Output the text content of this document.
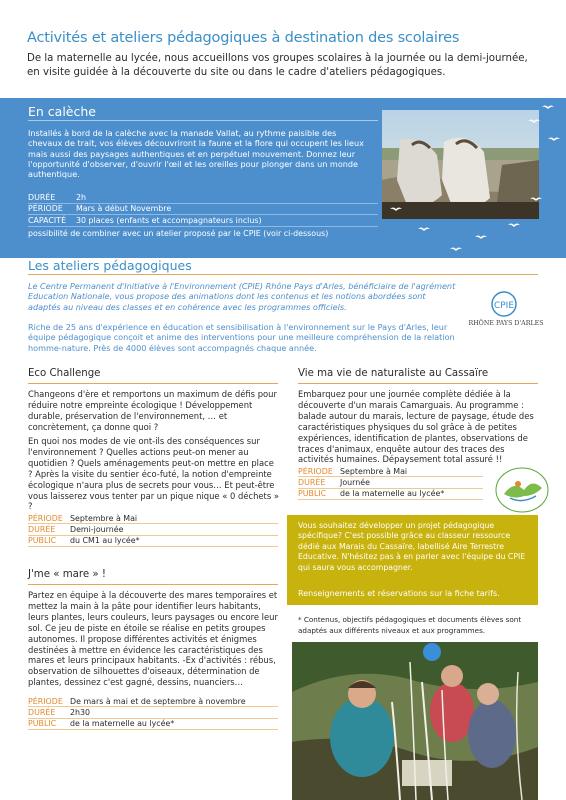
Activités et ateliers pédagogiques à destination des scolaires
De la maternelle au lycée, nous accueillons vos groupes scolaires à la journée ou la demi-journée,
en visite guidée à la découverte du site ou dans le cadre d'ateliers pédagogiques.
En calèche
Installés à bord de la calèche avec la manade Vallat, au rythme paisible des chevaux de trait, vos élèves découvriront la faune et la flore qui occupent les lieux mais aussi des paysages authentiques et en perpétuel mouvement. Donnez leur l'opportunité d'observer, d'ouvrir l'œil et les oreilles pour plonger dans un monde authentique.
DURÉE	2h
PÉRIODE	Mars à début Novembre
CAPACITÉ	30 places (enfants et accompagnateurs inclus)
possibilité de combiner avec un atelier proposé par le CPIE (voir ci-dessous)
Les ateliers pédagogiques
Le Centre Permanent d'Initiative à l'Environnement (CPIE) Rhône Pays d'Arles, bénéficiaire de l'agrément Education Nationale, vous propose des animations dont les contenus et les notions abordées sont adaptés au niveau des classes et en cohérence avec les programmes officiels.
Riche de 25 ans d'expérience en éducation et sensibilisation à l'environnement sur le Pays d'Arles, leur équipe pédagogique conçoit et anime des interventions pour une meilleure compréhension de la relation homme-nature. Près de 4000 élèves sont accompagnés chaque année.
CPIE
RHÔNE PAYS D'ARLES
Eco Challenge
Changeons d'ère et remportons un maximum de défis pour réduire notre empreinte écologique ! Développement durable, préservation de l'environnement, … et concrètement, ça donne quoi ?
En quoi nos modes de vie ont-ils des conséquences sur l'environnement ? Quelles actions peut-on mener au quotidien ? Quels aménagements peut-on mettre en place ? Après la visite du sentier éco-futé, la notion d'empreinte écologique n'aura plus de secrets pour vous… Et peut-être vous laisserez vous tenter par un pique nique « 0 déchets » ?
PÉRIODE Septembre à Mai
DURÉE	Demi-journée
PUBLIC	du CM1 au lycée*
J'me « mare » !
Partez en équipe à la découverte des mares temporaires et mettez la main à la pâte pour identifier leurs habitants, leurs plantes, leurs couleurs, leurs paysages ou encore leur sol. Ce jeu de piste en étoile se réalise en petits groupes autonomes. Il propose différentes activités et énigmes destinées à mettre en évidence les caractéristiques des mares et leurs principaux habitants. -Ex d'activités : rébus, observation de silhouettes d'oiseaux, détermination de plantes, dessinez c'est gagné, dessins, nuanciers…
PÉRIODE De mars à mai et de septembre à novembre
DURÉE	2h30
PUBLIC	de la maternelle au lycée*
Vie ma vie de naturaliste au Cassaïre
Embarquez pour une journée complète dédiée à la découverte d'un marais Camarguais. Au programme : balade autour du marais, lecture de paysage, étude des caractéristiques physiques du sol grâce à de petites expériences, identification de plantes, observations de traces d'animaux, enquête autour des traces des activités humaines. Dépaysement total assuré !!
PÉRIODE Septembre à Mai
DURÉE	Journée
PUBLIC	de la maternelle au lycée*
Vous souhaitez développer un projet pédagogique spécifique? C'est possible grâce au classeur ressource dédié aux Marais du Cassaïre, labellisé Aire Terrestre Educative. N'hésitez pas à en parler avec l'équipe du CPIE qui saura vous accompagner.
Renseignements et réservations sur la fiche tarifs.
* Contenus, objectifs pédagogiques et documents élèves sont adaptés aux différents niveaux et aux programmes.
